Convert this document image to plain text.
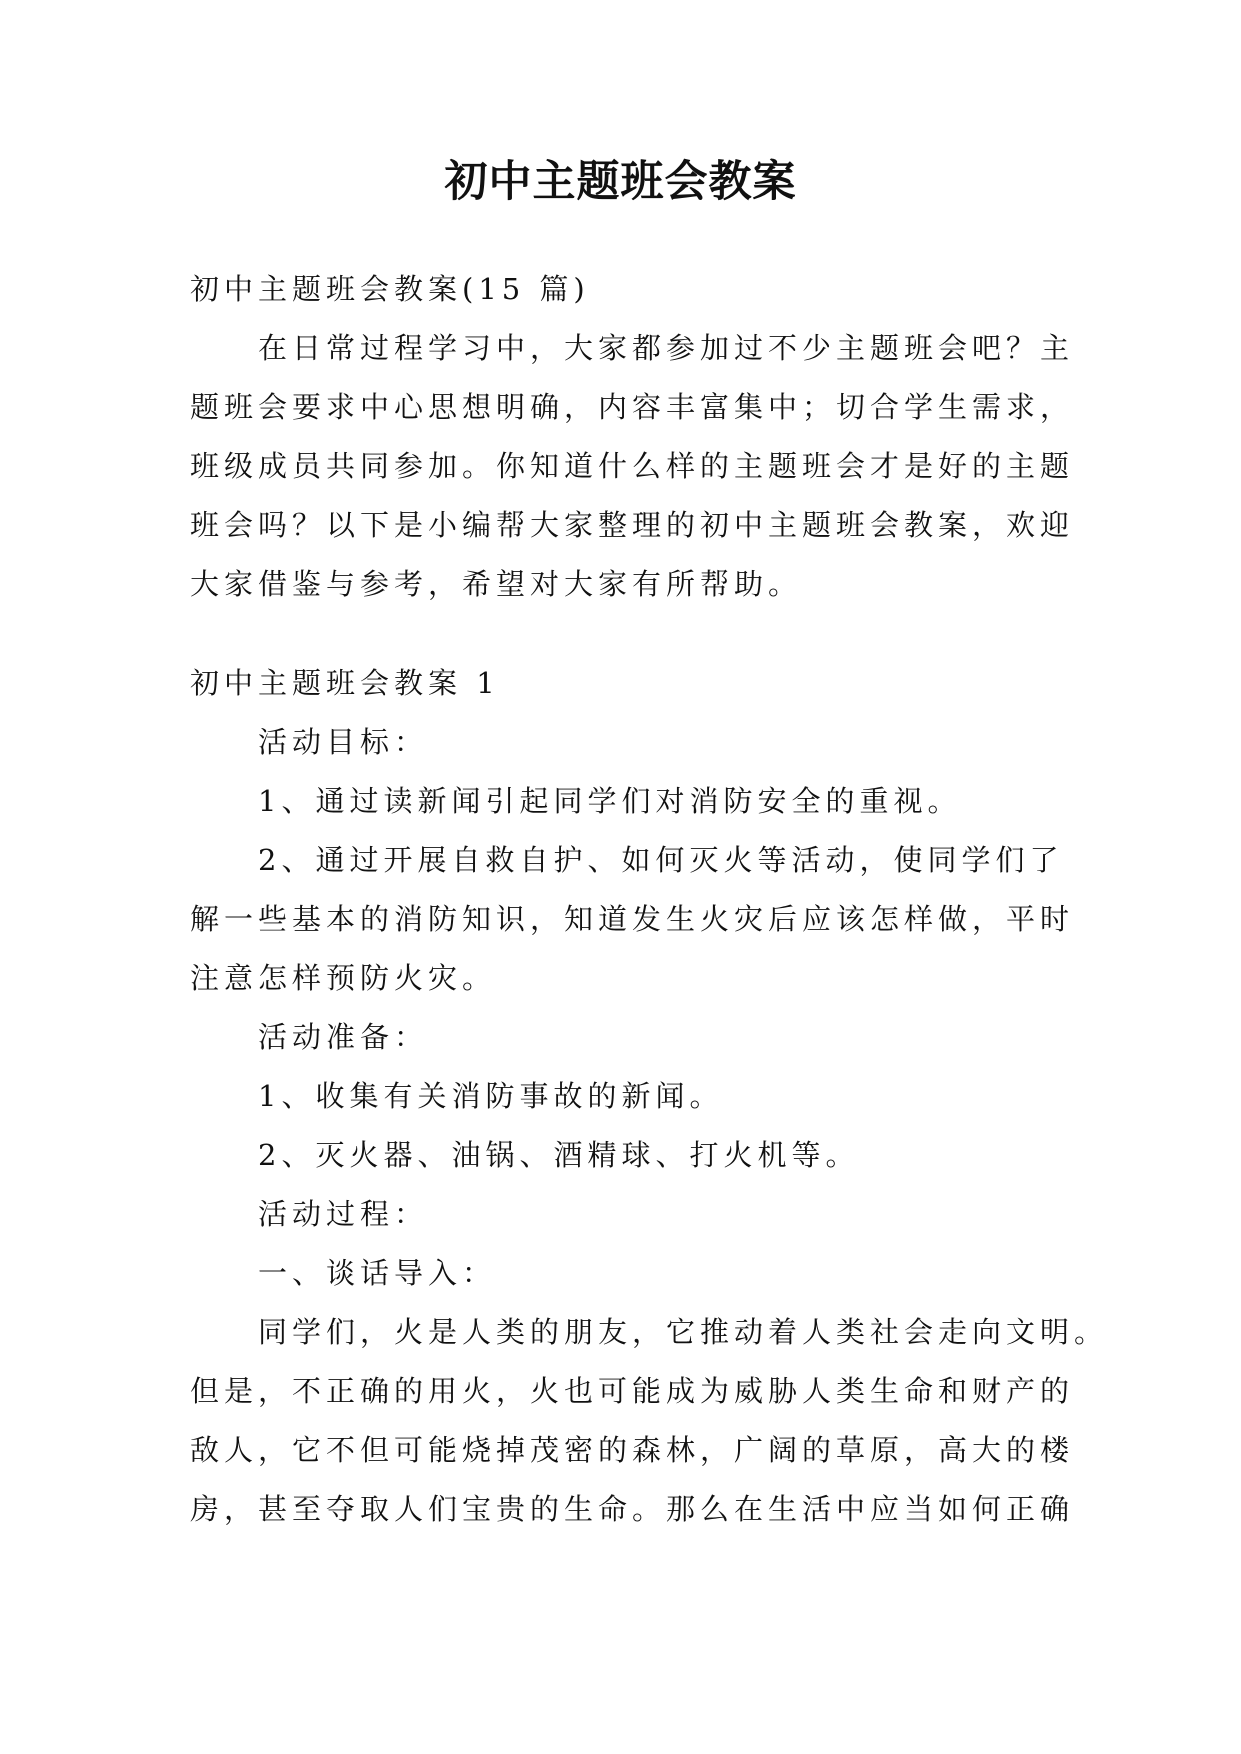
初中主题班会教案

初中主题班会教案(15 篇)

在日常过程学习中，大家都参加过不少主题班会吧？主

题班会要求中心思想明确，内容丰富集中；切合学生需求，

班级成员共同参加。你知道什么样的主题班会才是好的主题

班会吗？以下是小编帮大家整理的初中主题班会教案，欢迎

大家借鉴与参考，希望对大家有所帮助。

初中主题班会教案 1

活动目标：

1、通过读新闻引起同学们对消防安全的重视。

2、通过开展自救自护、如何灭火等活动，使同学们了

解一些基本的消防知识，知道发生火灾后应该怎样做，平时

注意怎样预防火灾。

活动准备：

1、收集有关消防事故的新闻。

2、灭火器、油锅、酒精球、打火机等。

活动过程：

一、谈话导入：

同学们，火是人类的朋友，它推动着人类社会走向文明。

但是，不正确的用火，火也可能成为威胁人类生命和财产的

敌人，它不但可能烧掉茂密的森林，广阔的草原，高大的楼

房，甚至夺取人们宝贵的生命。那么在生活中应当如何正确
